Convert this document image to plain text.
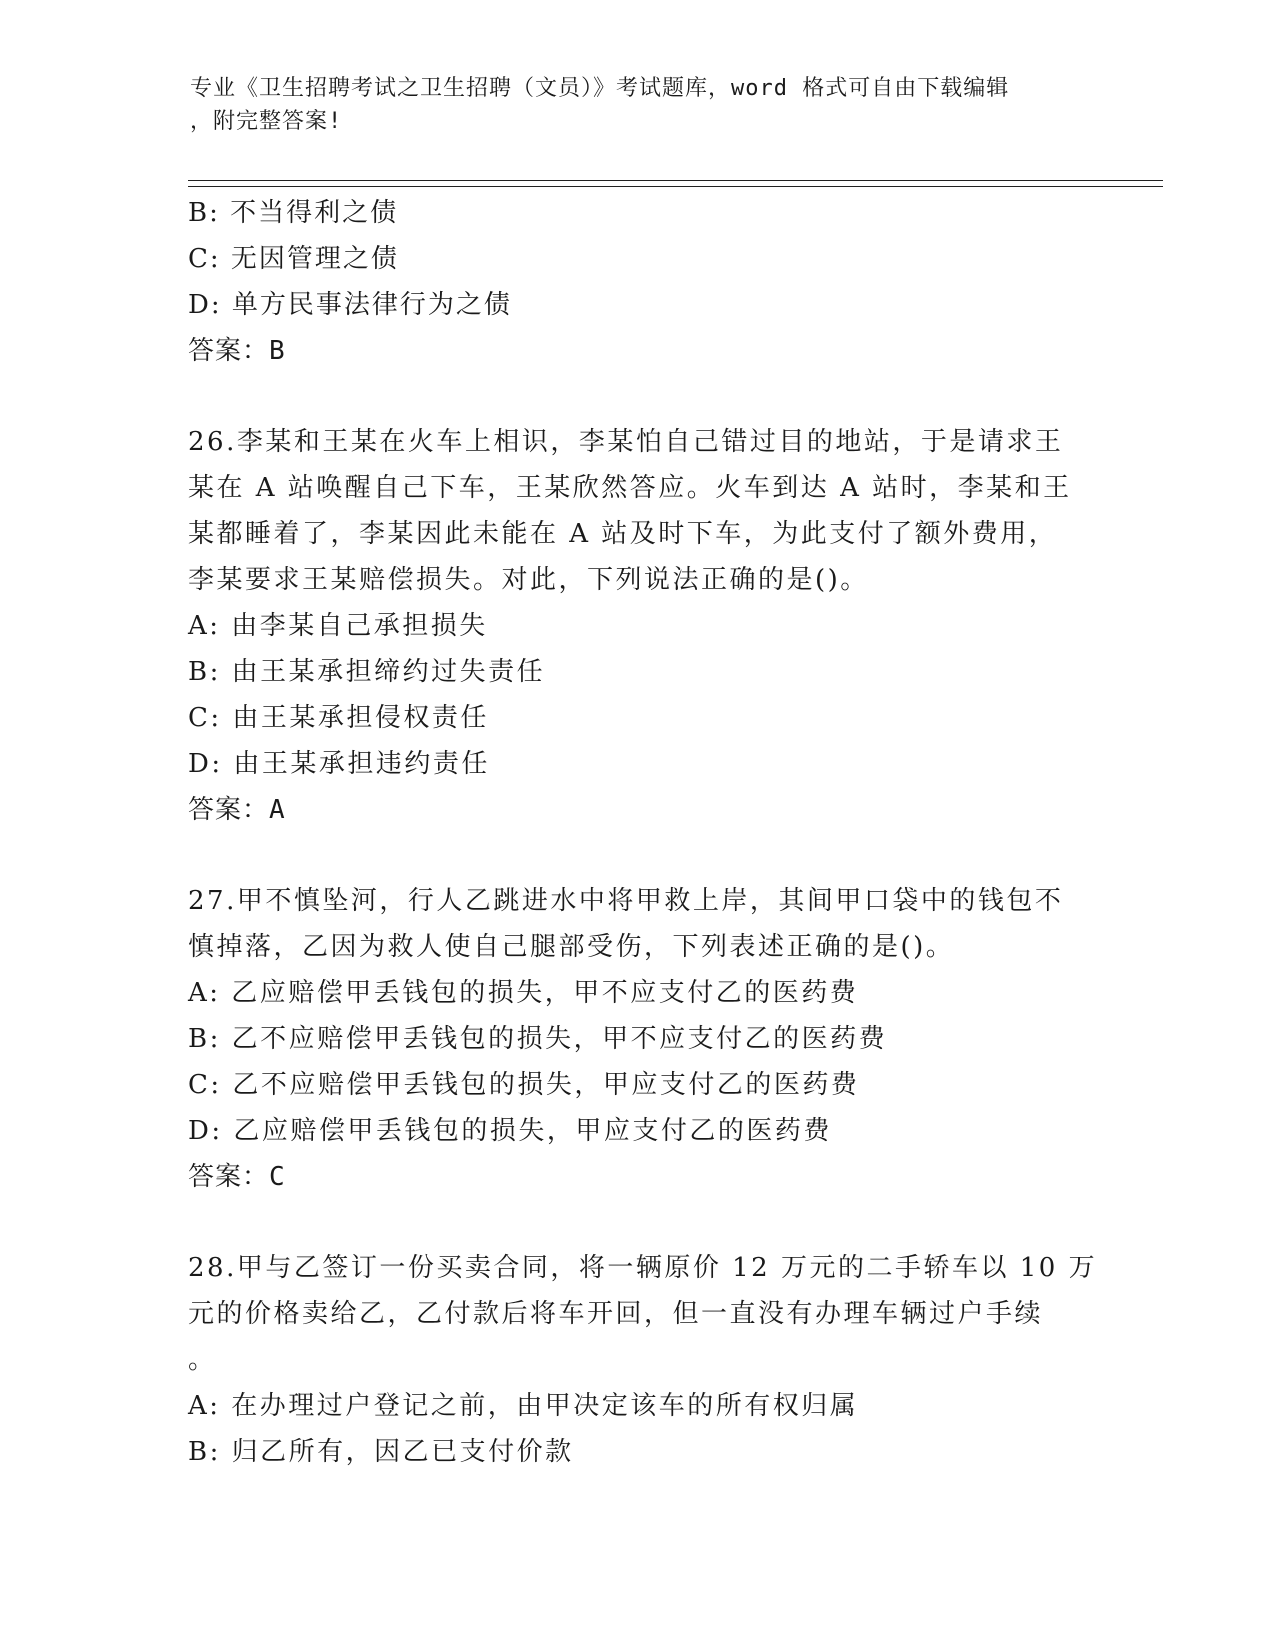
专业《卫生招聘考试之卫生招聘（文员）》考试题库，word 格式可自由下载编辑
，附完整答案!
B: 不当得利之债
C: 无因管理之债
D: 单方民事法律行为之债
答案：B
26.李某和王某在火车上相识，李某怕自己错过目的地站，于是请求王
某在 A 站唤醒自己下车，王某欣然答应。火车到达 A 站时，李某和王
某都睡着了，李某因此未能在 A 站及时下车，为此支付了额外费用，
李某要求王某赔偿损失。对此，下列说法正确的是()。
A: 由李某自己承担损失
B: 由王某承担缔约过失责任
C: 由王某承担侵权责任
D: 由王某承担违约责任
答案：A
27.甲不慎坠河，行人乙跳进水中将甲救上岸，其间甲口袋中的钱包不
慎掉落，乙因为救人使自己腿部受伤，下列表述正确的是()。
A: 乙应赔偿甲丢钱包的损失，甲不应支付乙的医药费
B: 乙不应赔偿甲丢钱包的损失，甲不应支付乙的医药费
C: 乙不应赔偿甲丢钱包的损失，甲应支付乙的医药费
D: 乙应赔偿甲丢钱包的损失，甲应支付乙的医药费
答案：C
28.甲与乙签订一份买卖合同，将一辆原价 12 万元的二手轿车以 10 万
元的价格卖给乙，乙付款后将车开回，但一直没有办理车辆过户手续
。
A: 在办理过户登记之前，由甲决定该车的所有权归属
B: 归乙所有，因乙已支付价款
